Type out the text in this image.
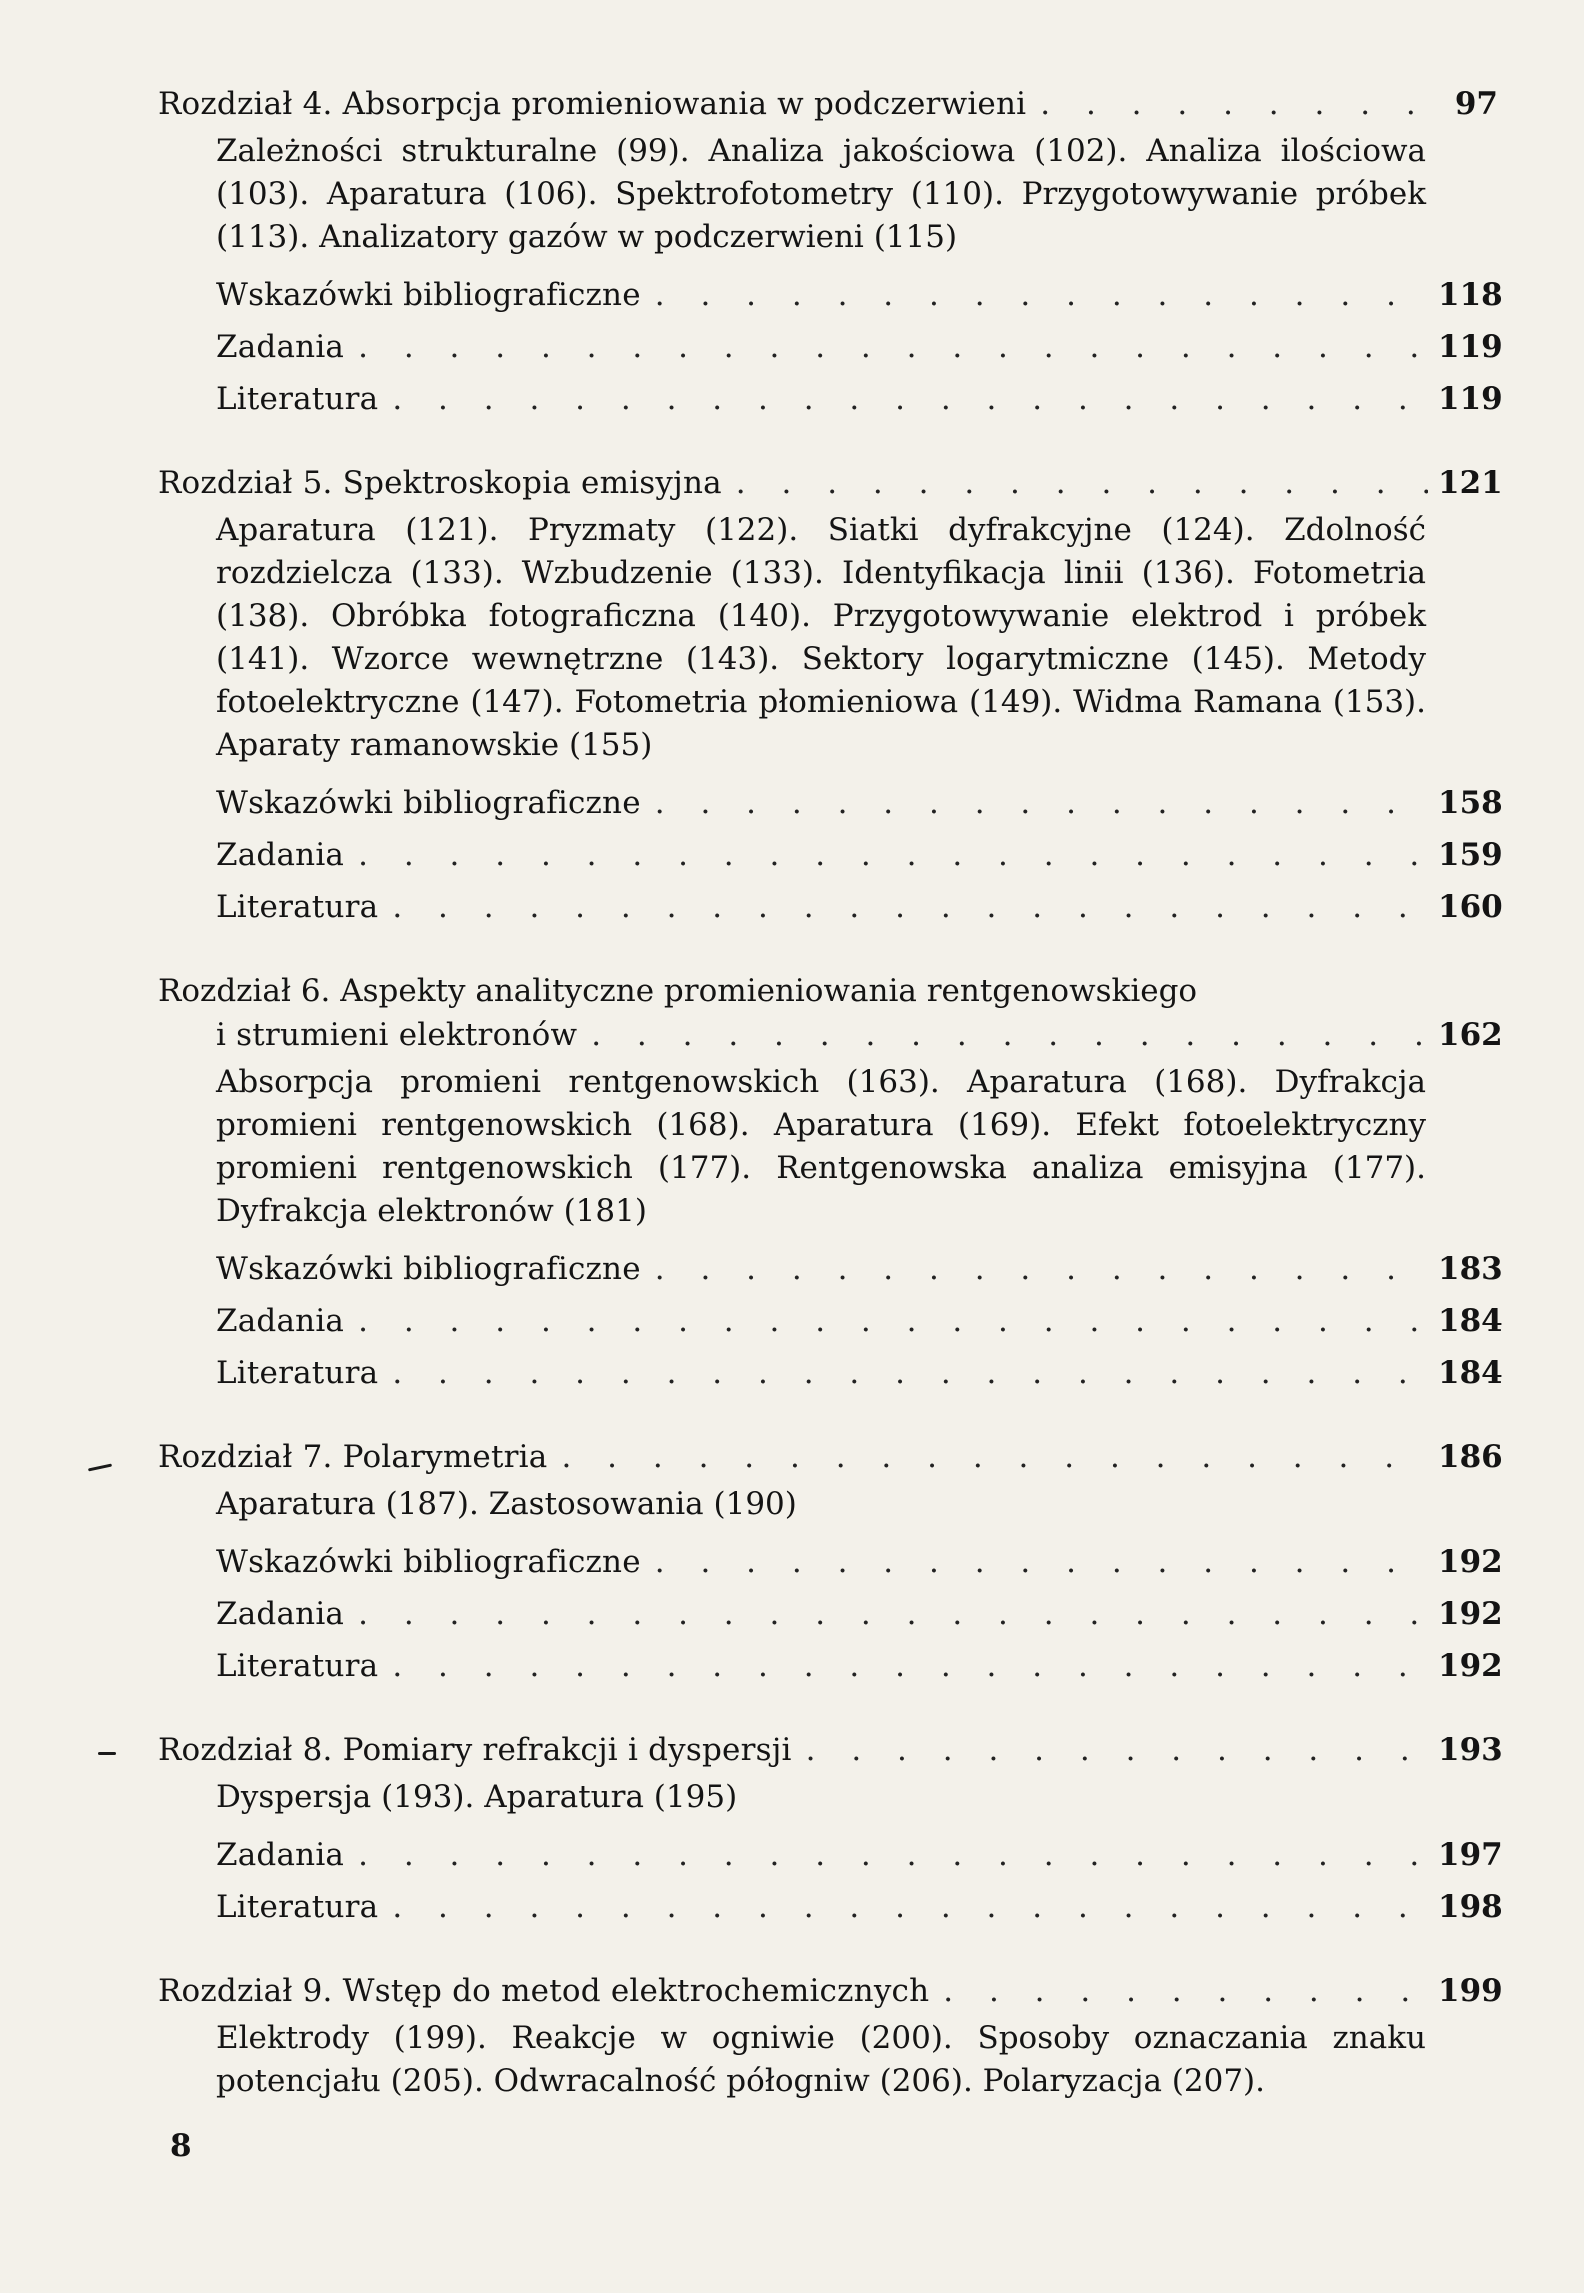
Rozdział 4. Absorpcja promieniowania w podczerwieni . . .	97
Zależności strukturalne (99). Analiza jakościowa (102). Analiza ilościowa (103). Aparatura (106). Spektrofotometry (110). Przygotowywanie próbek (113). Analizatory gazów w podczerwieni (115)
Wskazówki bibliograficzne . . .	118
Zadania . . .	119
Literatura . . .	119
Rozdział 5. Spektroskopia emisyjna . . .	121
Aparatura (121). Pryzmaty (122). Siatki dyfrakcyjne (124). Zdolność rozdzielcza (133). Wzbudzenie (133). Identyfikacja linii (136). Fotometria (138). Obróbka fotograficzna (140). Przygotowywanie elektrod i próbek (141). Wzorce wewnętrzne (143). Sektory logarytmiczne (145). Metody fotoelektryczne (147). Fotometria płomieniowa (149). Widma Ramana (153). Aparaty ramanowskie (155)
Wskazówki bibliograficzne . . .	158
Zadania . . .	159
Literatura . . .	160
Rozdział 6. Aspekty analityczne promieniowania rentgenowskiego
i strumieni elektronów . . .	162
Absorpcja promieni rentgenowskich (163). Aparatura (168). Dyfrakcja promieni rentgenowskich (168). Aparatura (169). Efekt fotoelektryczny promieni rentgenowskich (177). Rentgenowska analiza emisyjna (177). Dyfrakcja elektronów (181)
Wskazówki bibliograficzne . . .	183
Zadania . . .	184
Literatura . . .	184
Rozdział 7. Polarymetria . . .	186
Aparatura (187). Zastosowania (190)
Wskazówki bibliograficzne . . .	192
Zadania . . .	192
Literatura . . .	192
Rozdział 8. Pomiary refrakcji i dyspersji . . .	193
Dyspersja (193). Aparatura (195)
Zadania . . .	197
Literatura . . .	198
Rozdział 9. Wstęp do metod elektrochemicznych . . .	199
Elektrody (199). Reakcje w ogniwie (200). Sposoby oznaczania znaku potencjału (205). Odwracalność półogniw (206). Polaryzacja (207).
8
